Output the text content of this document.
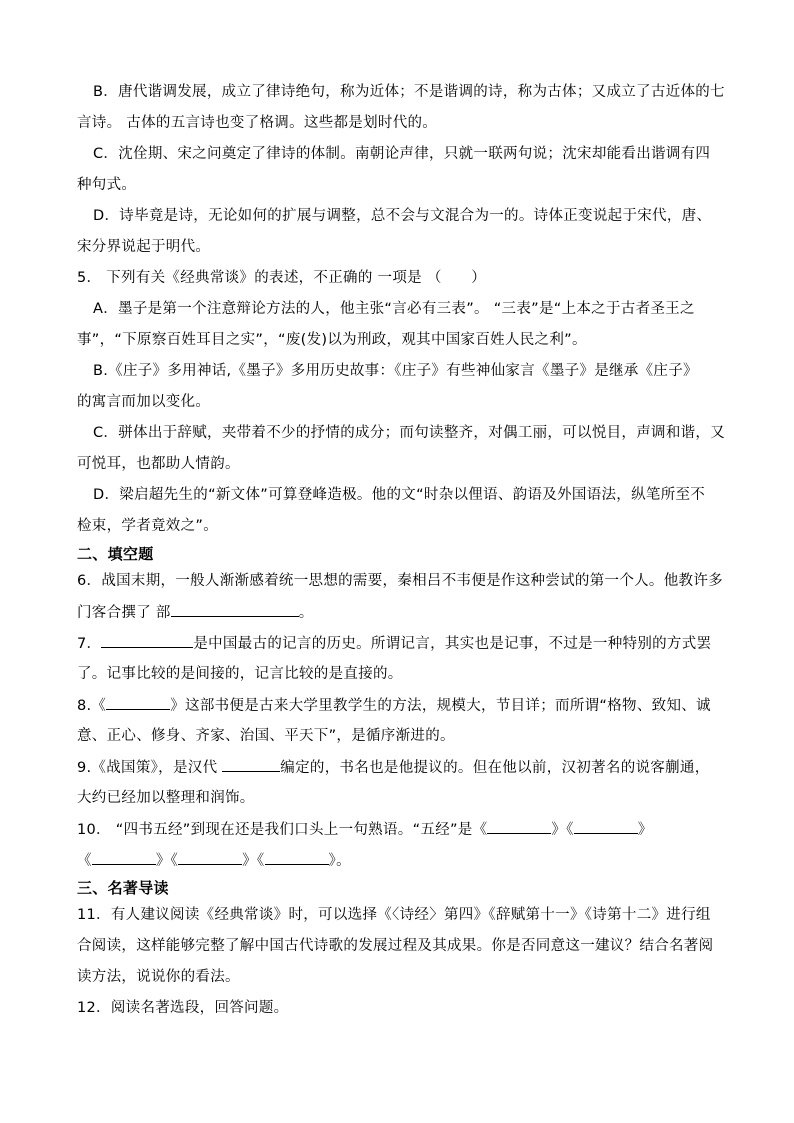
B．唐代谐调发展，成立了律诗绝句，称为近体；不是谐调的诗，称为古体；又成立了古近体的七
言诗。 古体的五言诗也变了格调。这些都是划时代的。
C．沈佺期、宋之问奠定了律诗的体制。南朝论声律，只就一联两句说；沈宋却能看出谐调有四
种句式。
D．诗毕竟是诗，无论如何的扩展与调整，总不会与文混合为一的。诗体正变说起于宋代，唐、
宋分界说起于明代。
5． 下列有关《经典常谈》的表述，不正确的 一项是 （　　）
A．墨子是第一个注意辩论方法的人，他主张“言必有三表”。 “三表”是“上本之于古者圣王之
事”，“下原察百姓耳目之实”，“废(发)以为刑政，观其中国家百姓人民之利”。
B.《庄子》多用神话,《墨子》多用历史故事：《庄子》有些神仙家言《墨子》是继承《庄子》
的寓言而加以变化。
C．骈体出于辞赋，夹带着不少的抒情的成分；而句读整齐，对偶工丽，可以悦目，声调和谐，又
可悦耳，也都助人情韵。
D．梁启超先生的“新文体”可算登峰造极。他的文“时杂以俚语、韵语及外国语法，纵笔所至不
检束，学者竟效之”。
二、填空题
6．战国末期，一般人渐渐感着统一思想的需要，秦相吕不韦便是作这种尝试的第一个人。他教许多
门客合撰了 部	。
7．	是中国最古的记言的历史。所谓记言，其实也是记事，不过是一种特别的方式罢
了。记事比较的是间接的，记言比较的是直接的。
8.《	》这部书便是古来大学里教学生的方法，规模大，节目详；而所谓“格物、致知、诚
意、正心、修身、齐家、治国、平天下”，是循序渐进的。
9.《战国策》，是汉代	编定的，书名也是他提议的。但在他以前，汉初著名的说客蒯通，
大约已经加以整理和润饰。
10． “四书五经”到现在还是我们口头上一句熟语。“五经”是《	》《	》
《	》《	》《	》。
三、名著导读
11．有人建议阅读《经典常谈》时，可以选择《〈诗经〉第四》《辞赋第十一》《诗第十二》进行组
合阅读，这样能够完整了解中国古代诗歌的发展过程及其成果。你是否同意这一建议？结合名著阅
读方法，说说你的看法。
12．阅读名著选段，回答问题。
